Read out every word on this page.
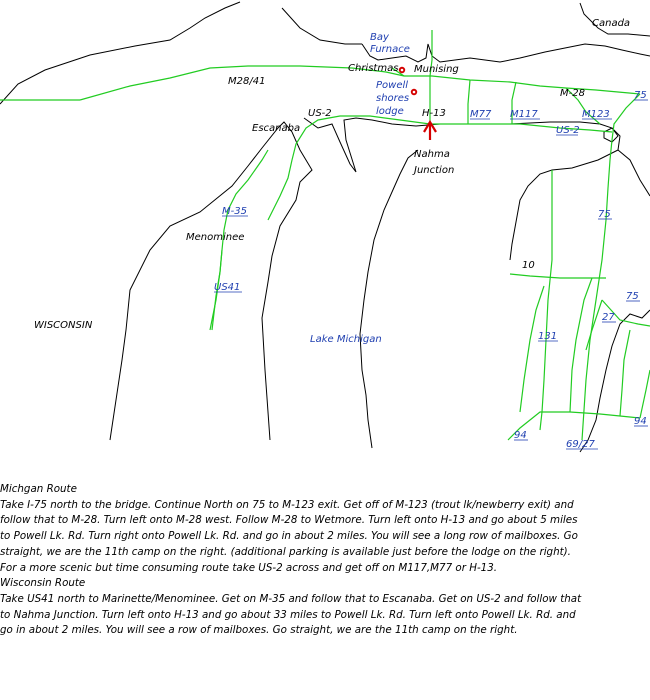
Canada
Bay
Furnace
Christmas Munising
Powell
shores
lodge
Escanaba
Nahma
Junction
Menominee
WISCONSIN
Lake Michigan
M28/41
M-28
US-2	H-13 M77 M117	M123
US-2
75
75
75
M-35
US41
10
131
27
94
69/27
94
Michgan Route
Take I-75 north to the bridge. Continue North on 75 to M-123 exit. Get off of M-123 (trout lk/newberry exit) and
follow that to M-28. Turn left onto M-28 west. Follow M-28 to Wetmore. Turn left onto H-13 and go about 5 miles
to Powell Lk. Rd. Turn right onto Powell Lk. Rd. and go in about 2 miles. You will see a long row of mailboxes. Go
straight, we are the 11th camp on the right. (additional parking is available just before the lodge on the right).
For a more scenic but time consuming route take US-2 across and get off on M117,M77 or H-13.
Wisconsin Route
Take US41 north to Marinette/Menominee. Get on M-35 and follow that to Escanaba. Get on US-2 and follow that
to Nahma Junction. Turn left onto H-13 and go about 33 miles to Powell Lk. Rd. Turn left onto Powell Lk. Rd. and
go in about 2 miles. You will see a row of mailboxes. Go straight, we are the 11th camp on the right.
